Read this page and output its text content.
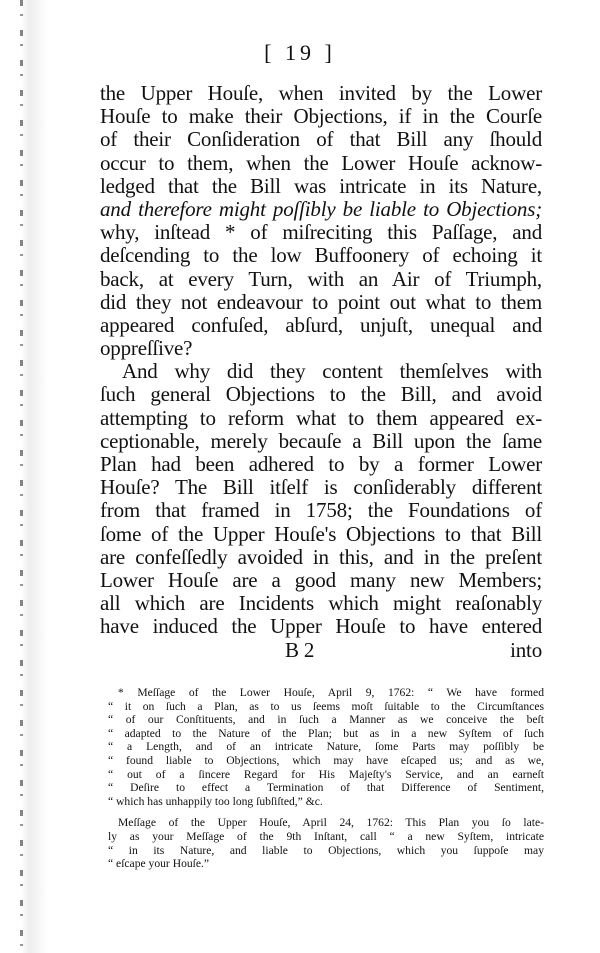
[ 19 ]
the Upper Houſe, when invited by the Lower
Houſe to make their Objections, if in the Courſe
of their Conſideration of that Bill any ſhould
occur to them, when the Lower Houſe acknow-
ledged that the Bill was intricate in its Nature,
and therefore might poſſibly be liable to Objections;
why, inſtead * of miſreciting this Paſſage, and
deſcending to the low Buffoonery of echoing it
back, at every Turn, with an Air of Triumph,
did they not endeavour to point out what to them
appeared confuſed, abſurd, unjuſt, unequal and
oppreſſive?
And why did they content themſelves with
ſuch general Objections to the Bill, and avoid
attempting to reform what to them appeared ex-
ceptionable, merely becauſe a Bill upon the ſame
Plan had been adhered to by a former Lower
Houſe? The Bill itſelf is conſiderably different
from that framed in 1758; the Foundations of
ſome of the Upper Houſe's Objections to that Bill
are confeſſedly avoided in this, and in the preſent
Lower Houſe are a good many new Members;
all which are Incidents which might reaſonably
have induced the Upper Houſe to have entered
B 2	into
* Meſſage of the Lower Houſe, April 9, 1762: “ We have formed
“ it on ſuch a Plan, as to us ſeems moſt ſuitable to the Circumſtances
“ of our Conſtituents, and in ſuch a Manner as we conceive the beſt
“ adapted to the Nature of the Plan; but as in a new Syſtem of ſuch
“ a Length, and of an intricate Nature, ſome Parts may poſſibly be
“ found liable to Objections, which may have eſcaped us; and as we,
“ out of a ſincere Regard for His Majeſty's Service, and an earneſt
“ Deſire to effect a Termination of that Difference of Sentiment,
“ which has unhappily too long ſubſiſted,” &c.
Meſſage of the Upper Houſe, April 24, 1762: This Plan you ſo late-
ly as your Meſſage of the 9th Inſtant, call “ a new Syſtem, intricate
“ in its Nature, and liable to Objections, which you ſuppoſe may
“ eſcape your Houſe.”
